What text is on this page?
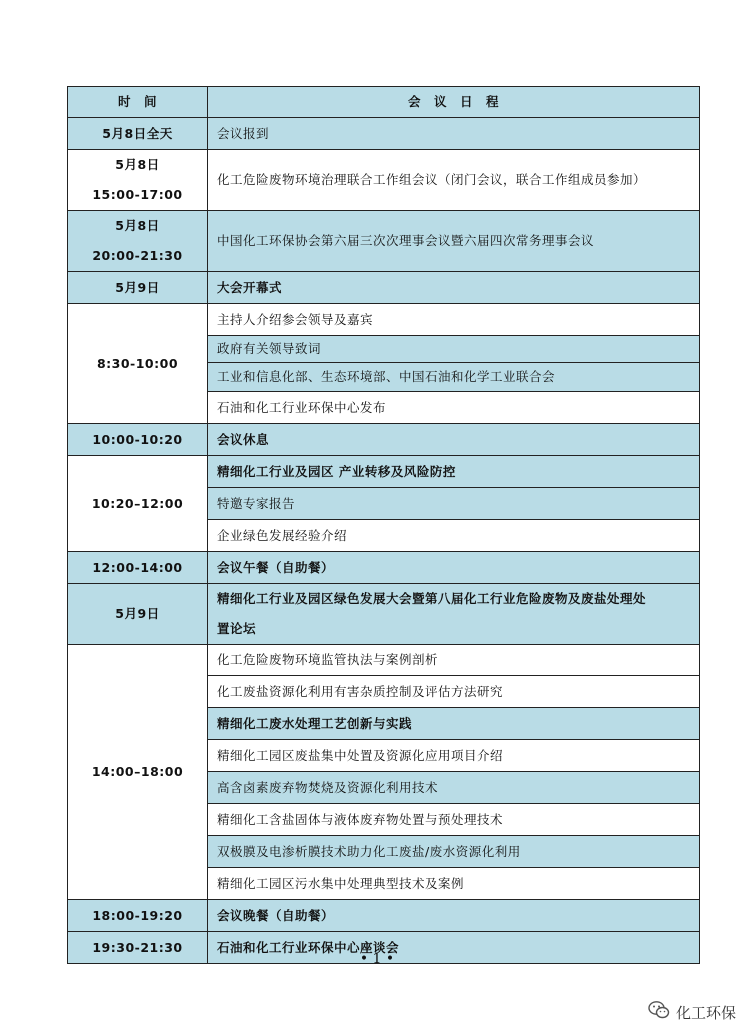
时　间	会　议　日　程
5月8日全天	会议报到

5月8日
15:00-17:00	化工危险废物环境治理联合工作组会议（闭门会议，联合工作组成员参加）

5月8日
20:00-21:30	中国化工环保协会第六届三次次理事会议暨六届四次常务理事会议
5月9日	大会开幕式
8:30-10:00	主持人介绍参会领导及嘉宾
	政府有关领导致词
	工业和信息化部、生态环境部、中国石油和化学工业联合会
	石油和化工行业环保中心发布
10:00-10:20	会议休息
10:20–12:00	精细化工行业及园区 产业转移及风险防控
	特邀专家报告
	企业绿色发展经验介绍
12:00-14:00	会议午餐（自助餐）
5月9日	精细化工行业及园区绿色发展大会暨第八届化工行业危险废物及废盐处理处
置论坛

14:00–18:00	化工危险废物环境监管执法与案例剖析
	化工废盐资源化利用有害杂质控制及评估方法研究
	精细化工废水处理工艺创新与实践
	精细化工园区废盐集中处置及资源化应用项目介绍
	高含卤素废弃物焚烧及资源化利用技术
	精细化工含盐固体与液体废弃物处置与预处理技术
	双极膜及电渗析膜技术助力化工废盐/废水资源化利用
	精细化工园区污水集中处理典型技术及案例
18:00-19:20	会议晚餐（自助餐）
19:30-21:30	石油和化工行业环保中心座谈会
• 1 •
化工环保
